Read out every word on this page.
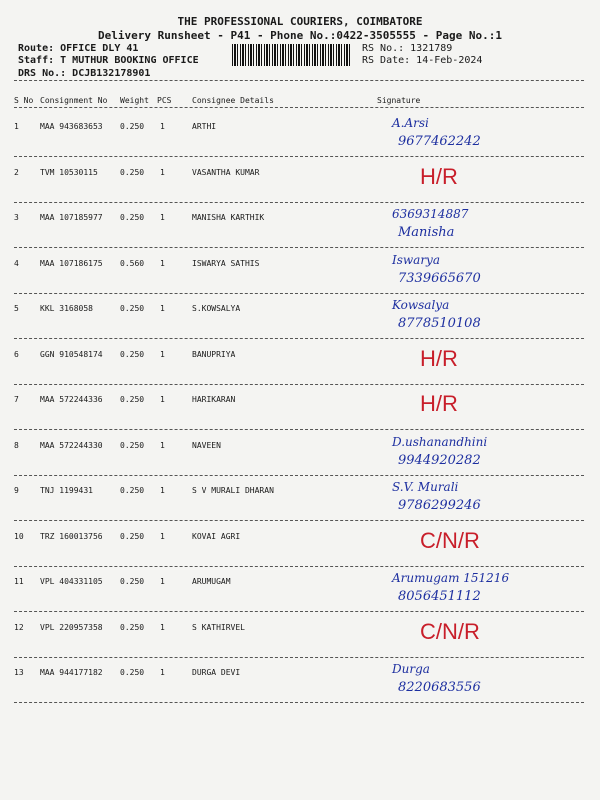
THE PROFESSIONAL COURIERS, COIMBATORE
Delivery Runsheet - P41 - Phone No.:0422-3505555 - Page No.:1
Route: OFFICE DLY 41
Staff: T MUTHUR BOOKING OFFICE
DRS No.: DCJB132178901
RS No.: 1321789
RS Date: 14-Feb-2024
S No Consignment No Weight PCS	Consignee Details	Signature
1	MAA 943683653 0.250 1	ARTHI	A.Arsi
9677462242
2	TVM 10530115	0.250 1	VASANTHA KUMAR	H/R
3	MAA 107185977 0.250 1	MANISHA KARTHIK	6369314887
Manisha
4	MAA 107186175 0.560 1	ISWARYA SATHIS	Iswarya
7339665670
5	KKL 3168058	0.250 1	S.KOWSALYA	Kowsalya
8778510108
6	GGN 910548174 0.250 1	BANUPRIYA	H/R
7	MAA 572244336 0.250 1	HARIKARAN	H/R
8	MAA 572244330 0.250 1	NAVEEN	D.ushanandhini
9944920282
9	TNJ 1199431	0.250 1	S V MURALI DHARAN	S.V. Murali
9786299246
10 TRZ 160013756 0.250 1	KOVAI AGRI	C/N/R
11 VPL 404331105 0.250 1	ARUMUGAM	Arumugam 151216
8056451112
12 VPL 220957358 0.250 1	S KATHIRVEL	C/N/R
13 MAA 944177182 0.250 1	DURGA DEVI	Durga
8220683556
